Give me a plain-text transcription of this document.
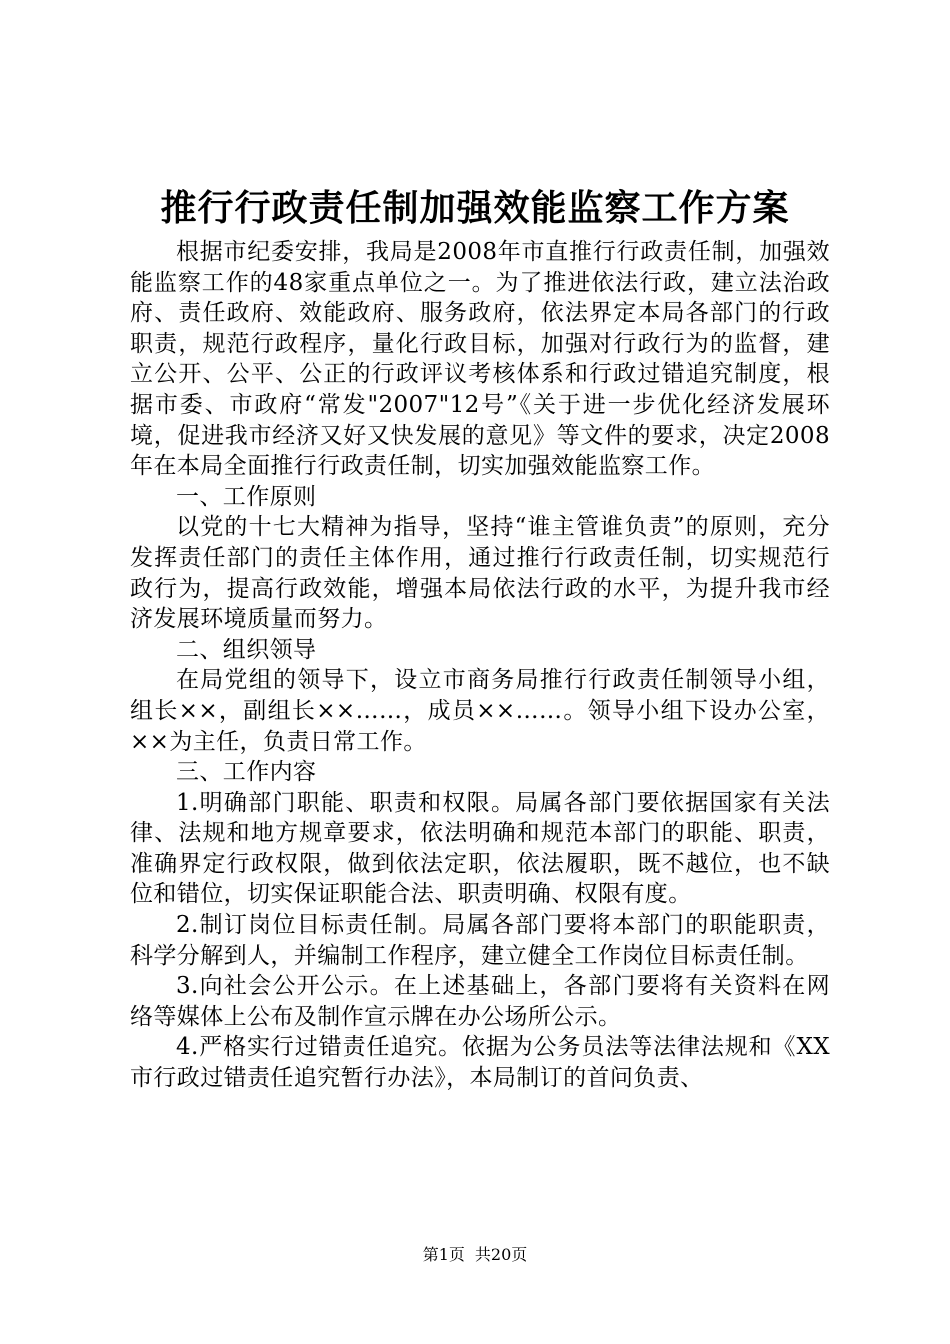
推行行政责任制加强效能监察工作方案

根据市纪委安排，我局是2008年市直推行行政责任制，加强效能监察工作的48家重点单位之一。为了推进依法行政，建立法治政府、责任政府、效能政府、服务政府，依法界定本局各部门的行政职责，规范行政程序，量化行政目标，加强对行政行为的监督，建立公开、公平、公正的行政评议考核体系和行政过错追究制度，根据市委、市政府“常发"2007"12号”《关于进一步优化经济发展环境，促进我市经济又好又快发展的意见》等文件的要求，决定2008年在本局全面推行行政责任制，切实加强效能监察工作。

一、工作原则

以党的十七大精神为指导，坚持“谁主管谁负责”的原则，充分发挥责任部门的责任主体作用，通过推行行政责任制，切实规范行政行为，提高行政效能，增强本局依法行政的水平，为提升我市经济发展环境质量而努力。

二、组织领导

在局党组的领导下，设立市商务局推行行政责任制领导小组，组长××，副组长××……，成员××……。领导小组下设办公室，××为主任，负责日常工作。

三、工作内容

1.明确部门职能、职责和权限。局属各部门要依据国家有关法律、法规和地方规章要求，依法明确和规范本部门的职能、职责，准确界定行政权限，做到依法定职，依法履职，既不越位，也不缺位和错位，切实保证职能合法、职责明确、权限有度。

2.制订岗位目标责任制。局属各部门要将本部门的职能职责，科学分解到人，并编制工作程序，建立健全工作岗位目标责任制。

3.向社会公开公示。在上述基础上，各部门要将有关资料在网络等媒体上公布及制作宣示牌在办公场所公示。

4.严格实行过错责任追究。依据为公务员法等法律法规和《XX市行政过错责任追究暂行办法》，本局制订的首问负责、

第1页 共20页
